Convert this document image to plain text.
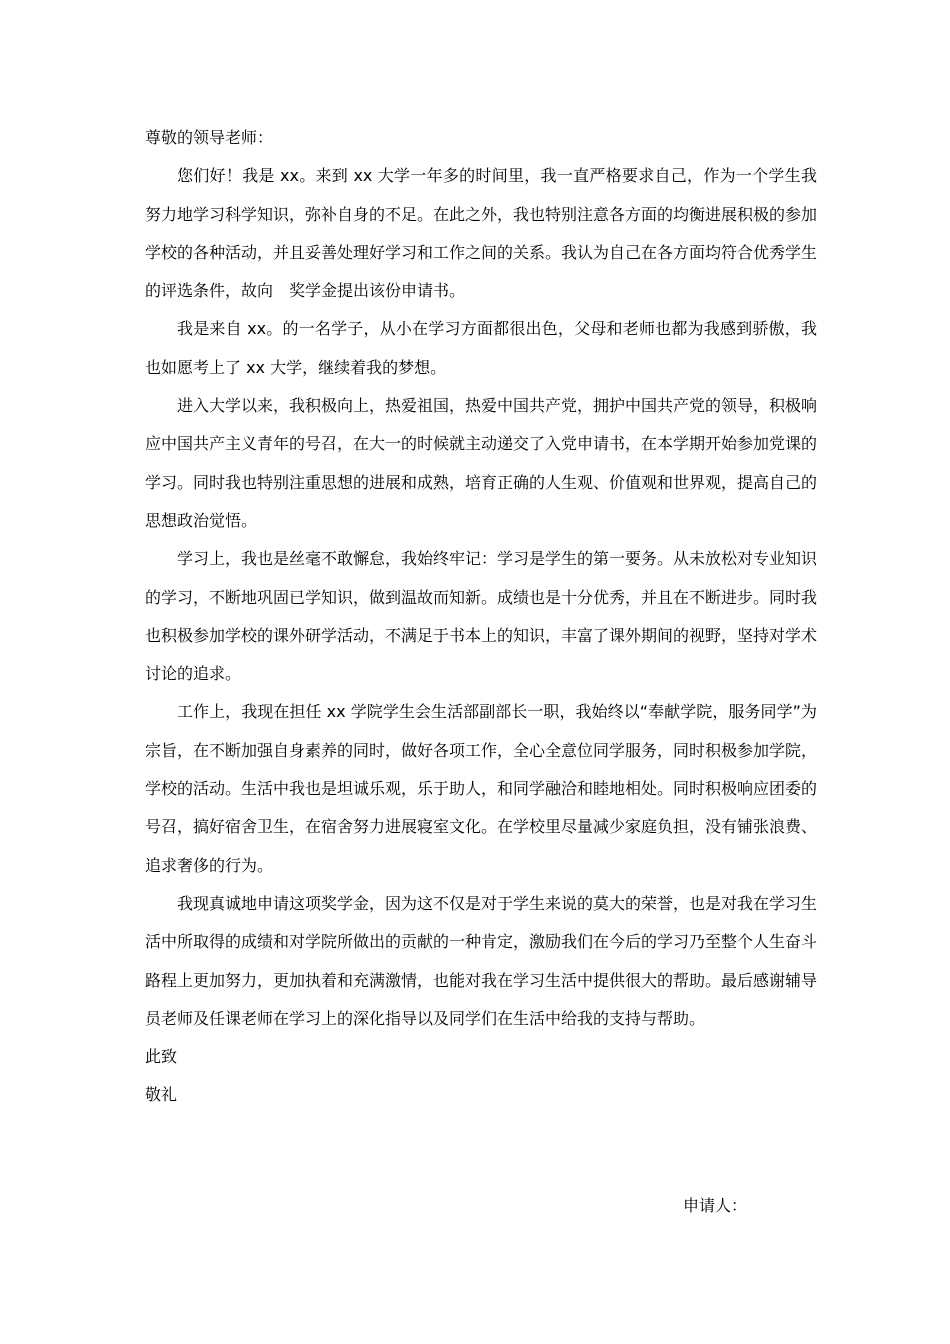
尊敬的领导老师：

您们好！我是 xx。来到 xx 大学一年多的时间里，我一直严格要求自己，作为一个学生我努力地学习科学知识，弥补自身的不足。在此之外，我也特别注意各方面的均衡进展积极的参加学校的各种活动，并且妥善处理好学习和工作之间的关系。我认为自己在各方面均符合优秀学生的评选条件，故向　奖学金提出该份申请书。

我是来自 xx。的一名学子，从小在学习方面都很出色，父母和老师也都为我感到骄傲，我也如愿考上了 xx 大学，继续着我的梦想。

进入大学以来，我积极向上，热爱祖国，热爱中国共产党，拥护中国共产党的领导，积极响应中国共产主义青年的号召，在大一的时候就主动递交了入党申请书，在本学期开始参加党课的学习。同时我也特别注重思想的进展和成熟，培育正确的人生观、价值观和世界观，提高自己的思想政治觉悟。

学习上，我也是丝毫不敢懈怠，我始终牢记：学习是学生的第一要务。从未放松对专业知识的学习，不断地巩固已学知识，做到温故而知新。成绩也是十分优秀，并且在不断进步。同时我也积极参加学校的课外研学活动，不满足于书本上的知识，丰富了课外期间的视野，坚持对学术讨论的追求。

工作上，我现在担任 xx 学院学生会生活部副部长一职，我始终以“奉献学院，服务同学”为宗旨，在不断加强自身素养的同时，做好各项工作，全心全意位同学服务，同时积极参加学院，学校的活动。生活中我也是坦诚乐观，乐于助人，和同学融洽和睦地相处。同时积极响应团委的号召，搞好宿舍卫生，在宿舍努力进展寝室文化。在学校里尽量减少家庭负担，没有铺张浪费、追求奢侈的行为。

我现真诚地申请这项奖学金，因为这不仅是对于学生来说的莫大的荣誉，也是对我在学习生活中所取得的成绩和对学院所做出的贡献的一种肯定，激励我们在今后的学习乃至整个人生奋斗路程上更加努力，更加执着和充满激情，也能对我在学习生活中提供很大的帮助。最后感谢辅导员老师及任课老师在学习上的深化指导以及同学们在生活中给我的支持与帮助。

此致

敬礼

申请人：
